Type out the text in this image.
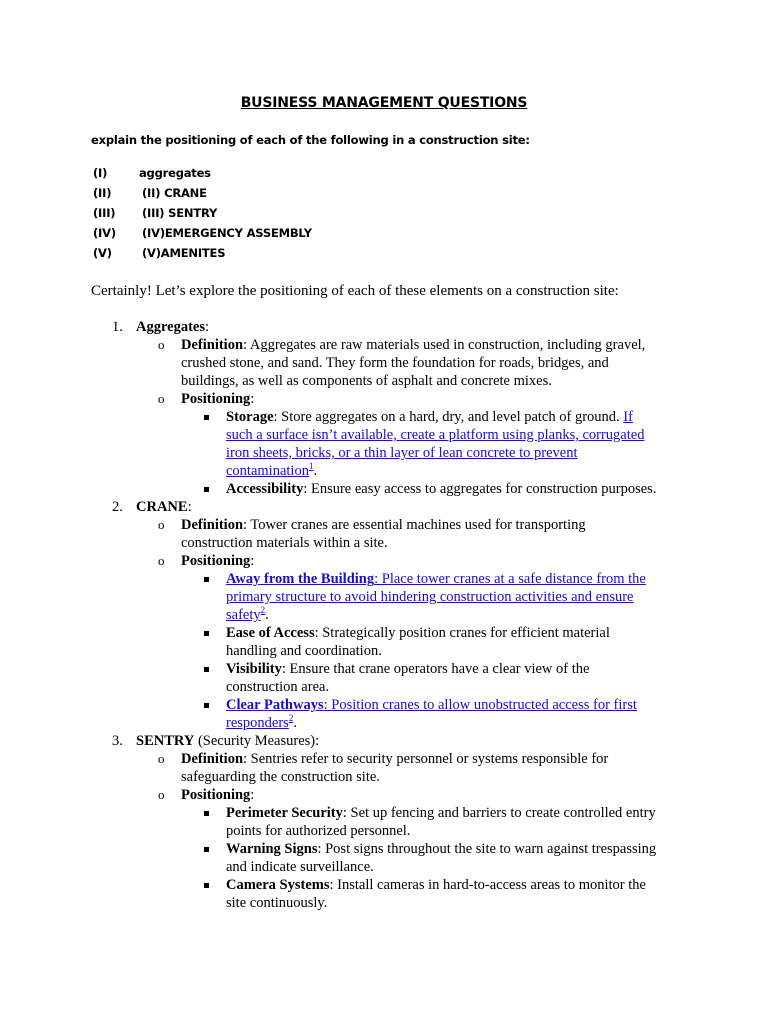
BUSINESS MANAGEMENT QUESTIONS
explain the positioning of each of the following in a construction site:
(I)	aggregates
(II)	(II) CRANE
(III) (III) SENTRY
(IV) (IV)EMERGENCY ASSEMBLY
(V)	(V)AMENITES
Certainly! Let’s explore the positioning of each of these elements on a construction site:
1. Aggregates:
o Definition: Aggregates are raw materials used in construction, including gravel,
crushed stone, and sand. They form the foundation for roads, bridges, and
buildings, as well as components of asphalt and concrete mixes.
o Positioning:
Storage: Store aggregates on a hard, dry, and level patch of ground. If
such a surface isn’t available, create a platform using planks, corrugated
iron sheets, bricks, or a thin layer of lean concrete to prevent
contamination$^1$.
Accessibility: Ensure easy access to aggregates for construction purposes.
2. CRANE:
o Definition: Tower cranes are essential machines used for transporting
construction materials within a site.
o Positioning:
Away from the Building: Place tower cranes at a safe distance from the
primary structure to avoid hindering construction activities and ensure
safety$^2$.
Ease of Access: Strategically position cranes for efficient material
handling and coordination.
Visibility: Ensure that crane operators have a clear view of the
construction area.
Clear Pathways: Position cranes to allow unobstructed access for first
responders$^2$.
3. SENTRY (Security Measures):
o Definition: Sentries refer to security personnel or systems responsible for
safeguarding the construction site.
o Positioning:
Perimeter Security: Set up fencing and barriers to create controlled entry
points for authorized personnel.
Warning Signs: Post signs throughout the site to warn against trespassing
and indicate surveillance.
Camera Systems: Install cameras in hard-to-access areas to monitor the
site continuously.
